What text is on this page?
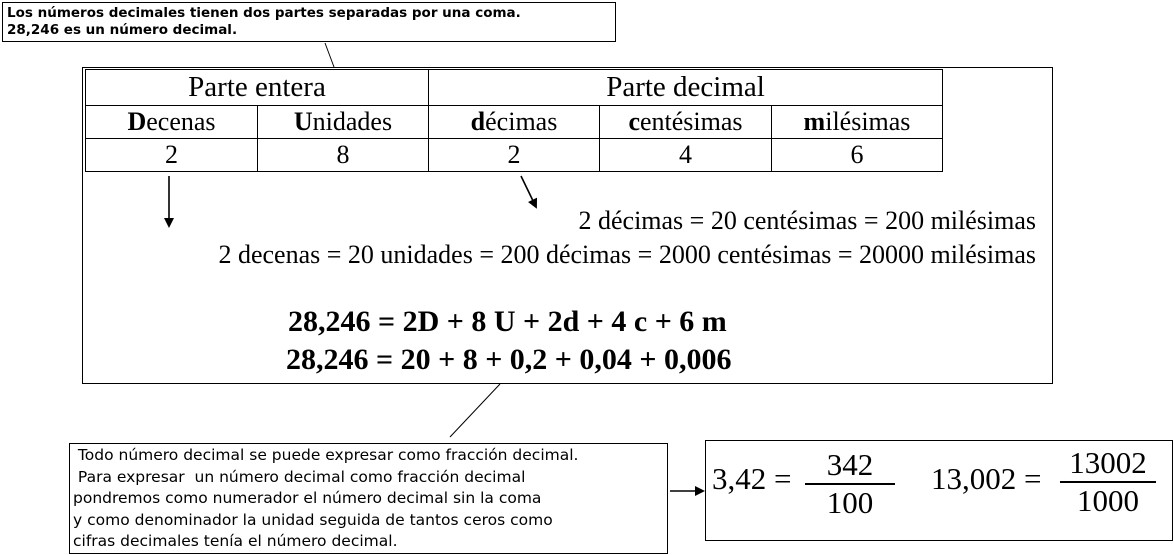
Los números decimales tienen dos partes separadas por una coma.
28,246 es un número decimal.
Parte entera		Parte decimal		
Decenas	Unidades	décimas	centésimas	milésimas
2	8	2	4	6
2 décimas = 20 centésimas = 200 milésimas
2 decenas = 20 unidades = 200 décimas = 2000 centésimas = 20000 milésimas
28,246 = 2D + 8 U + 2d + 4 c + 6 m
28,246 = 20 + 8 + 0,2 + 0,04 + 0,006
Todo número decimal se puede expresar como fracción decimal.
Para expresar  un número decimal como fracción decimal
pondremos como numerador el número decimal sin la coma
y como denominador la unidad seguida de tantos ceros como
cifras decimales tenía el número decimal.
$3,42 = \frac{342}{100} 13,002 = \frac{13002}{1000}$
